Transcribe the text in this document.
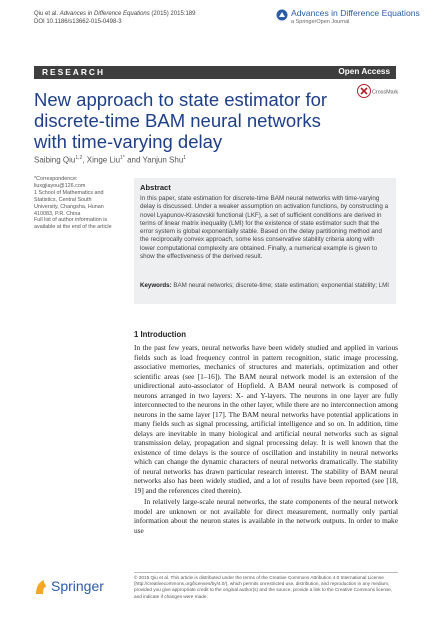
Qiu et al. Advances in Difference Equations (2015) 2015:189
DOI 10.1186/s13662-015-0498-3
Advances in Difference Equations
a SpringerOpen Journal
RESEARCH	Open Access
CrossMark
New approach to state estimator for discrete-time BAM neural networks with time-varying delay
Saibing Qiu$^{1,2}$, Xinge Liu$^{1*}$ and Yanjun Shu$^1$
*Correspondence:
liuxgjiayou@126.com
1 School of Mathematics and Statistics, Central South University, Changsha, Hunan 410083, P.R. China
Full list of author information is available at the end of the article
Abstract
In this paper, state estimation for discrete-time BAM neural networks with time-varying delay is discussed. Under a weaker assumption on activation functions, by constructing a novel Lyapunov-Krasovskii functional (LKF), a set of sufficient conditions are derived in terms of linear matrix inequality (LMI) for the existence of state estimator such that the error system is global exponentially stable. Based on the delay partitioning method and the reciprocally convex approach, some less conservative stability criteria along with lower computational complexity are obtained. Finally, a numerical example is given to show the effectiveness of the derived result.
Keywords: BAM neural networks; discrete-time; state estimation; exponential stability; LMI
1 Introduction

In the past few years, neural networks have been widely studied and applied in various fields such as load frequency control in pattern recognition, static image processing, associative memories, mechanics of structures and materials, optimization and other scientific areas (see [1–16]). The BAM neural network model is an extension of the unidirectional auto-associator of Hopfield. A BAM neural network is composed of neurons arranged in two layers: X- and Y-layers. The neurons in one layer are fully interconnected to the neurons in the other layer, while there are no interconnection among neurons in the same layer [17]. The BAM neural networks have potential applications in many fields such as signal processing, artificial intelligence and so on. In addition, time delays are inevitable in many biological and artificial neural networks such as signal transmission delay, propagation and signal processing delay. It is well known that the existence of time delays is the source of oscillation and instability in neural networks which can change the dynamic characters of neural networks dramatically. The stability of neural networks has drawn particular research interest. The stability of BAM neural networks also has been widely studied, and a lot of results have been reported (see [18, 19] and the references cited therein).

In relatively large-scale neural networks, the state components of the neural network model are unknown or not available for direct measurement, normally only partial information about the neuron states is available in the network outputs. In order to make use

Springer
© 2015 Qiu et al. This article is distributed under the terms of the Creative Commons Attribution 4.0 International License (http://creativecommons.org/licenses/by/4.0/), which permits unrestricted use, distribution, and reproduction in any medium, provided you give appropriate credit to the original author(s) and the source, provide a link to the Creative Commons license, and indicate if changes were made.
